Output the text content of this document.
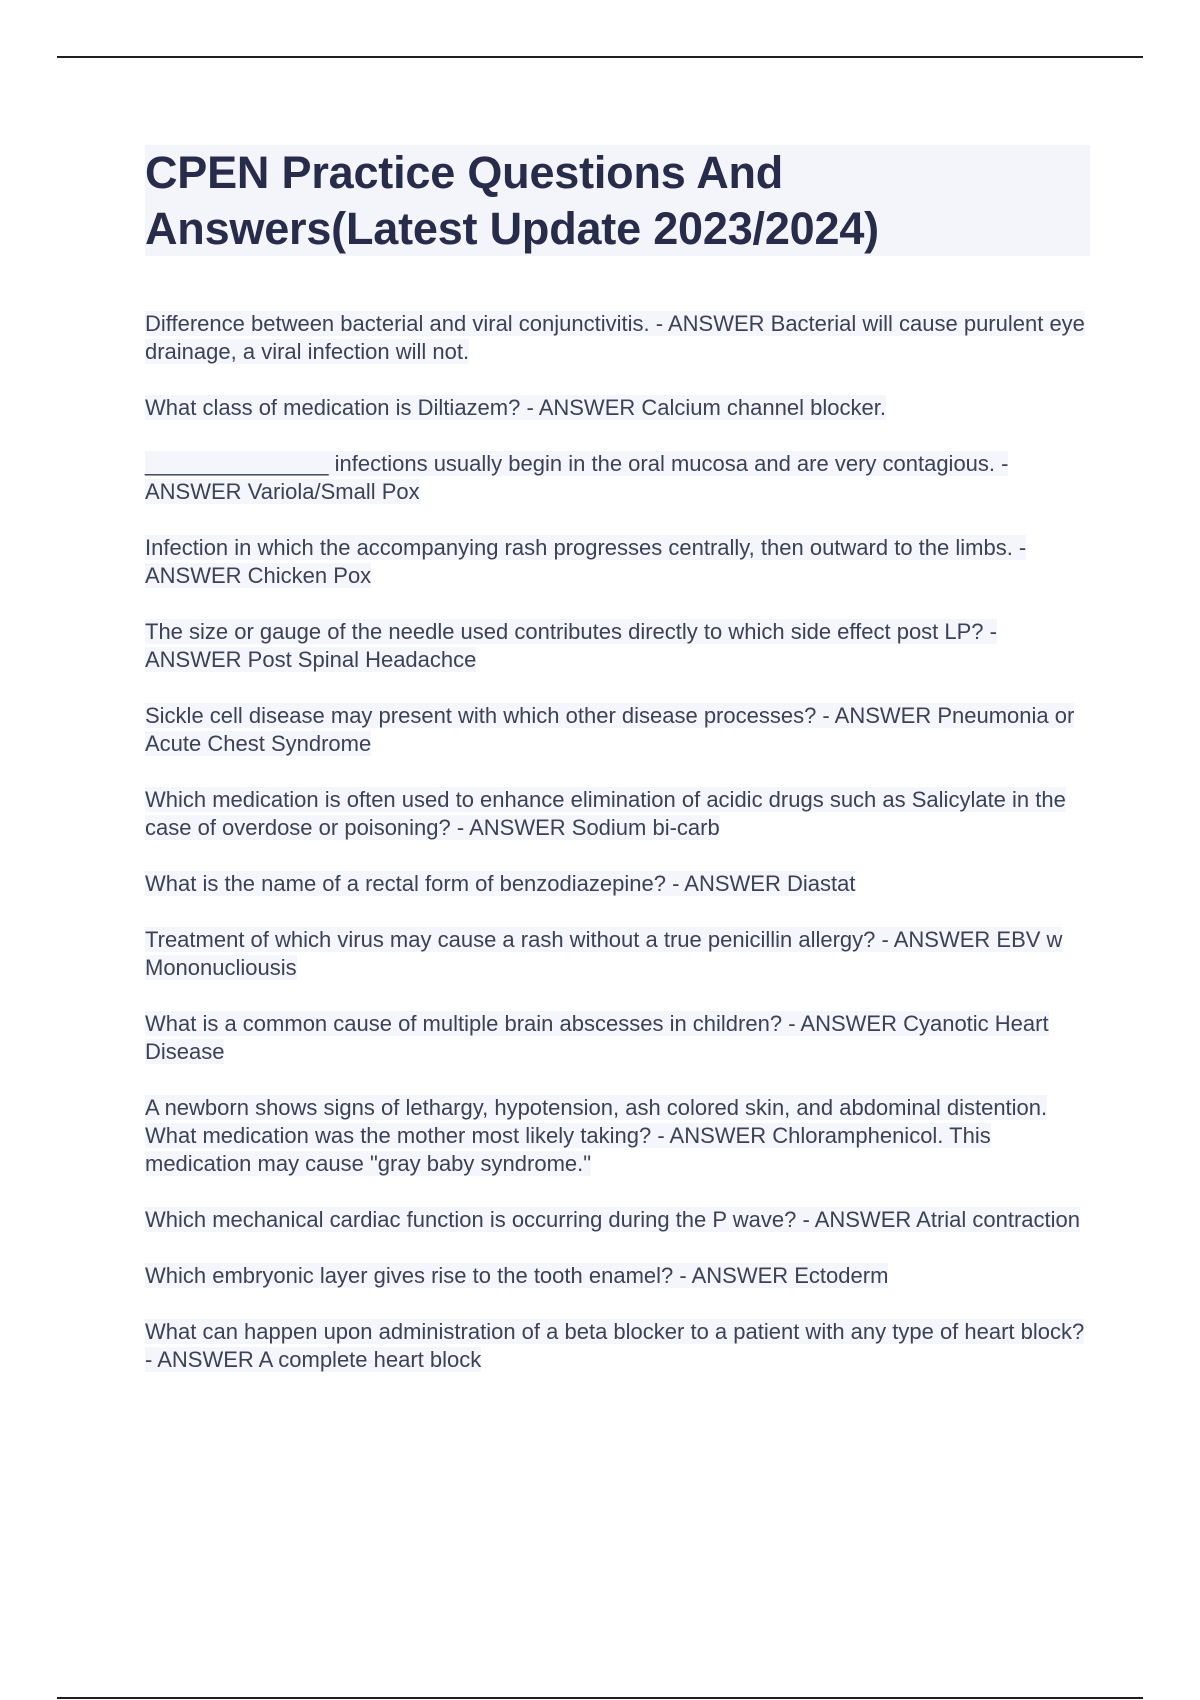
CPEN Practice Questions And Answers(Latest Update 2023/2024)

Difference between bacterial and viral conjunctivitis. - ANSWER Bacterial will cause purulent eye drainage, a viral infection will not.

What class of medication is Diltiazem? - ANSWER Calcium channel blocker.

_______________ infections usually begin in the oral mucosa and are very contagious. - ANSWER Variola/Small Pox

Infection in which the accompanying rash progresses centrally, then outward to the limbs. - ANSWER Chicken Pox

The size or gauge of the needle used contributes directly to which side effect post LP? - ANSWER Post Spinal Headachce

Sickle cell disease may present with which other disease processes? - ANSWER Pneumonia or Acute Chest Syndrome

Which medication is often used to enhance elimination of acidic drugs such as Salicylate in the case of overdose or poisoning? - ANSWER Sodium bi-carb

What is the name of a rectal form of benzodiazepine? - ANSWER Diastat

Treatment of which virus may cause a rash without a true penicillin allergy? - ANSWER EBV w Mononucliousis

What is a common cause of multiple brain abscesses in children? - ANSWER Cyanotic Heart Disease

A newborn shows signs of lethargy, hypotension, ash colored skin, and abdominal distention. What medication was the mother most likely taking? - ANSWER Chloramphenicol. This medication may cause "gray baby syndrome."

Which mechanical cardiac function is occurring during the P wave? - ANSWER Atrial contraction

Which embryonic layer gives rise to the tooth enamel? - ANSWER Ectoderm

What can happen upon administration of a beta blocker to a patient with any type of heart block? - ANSWER A complete heart block
